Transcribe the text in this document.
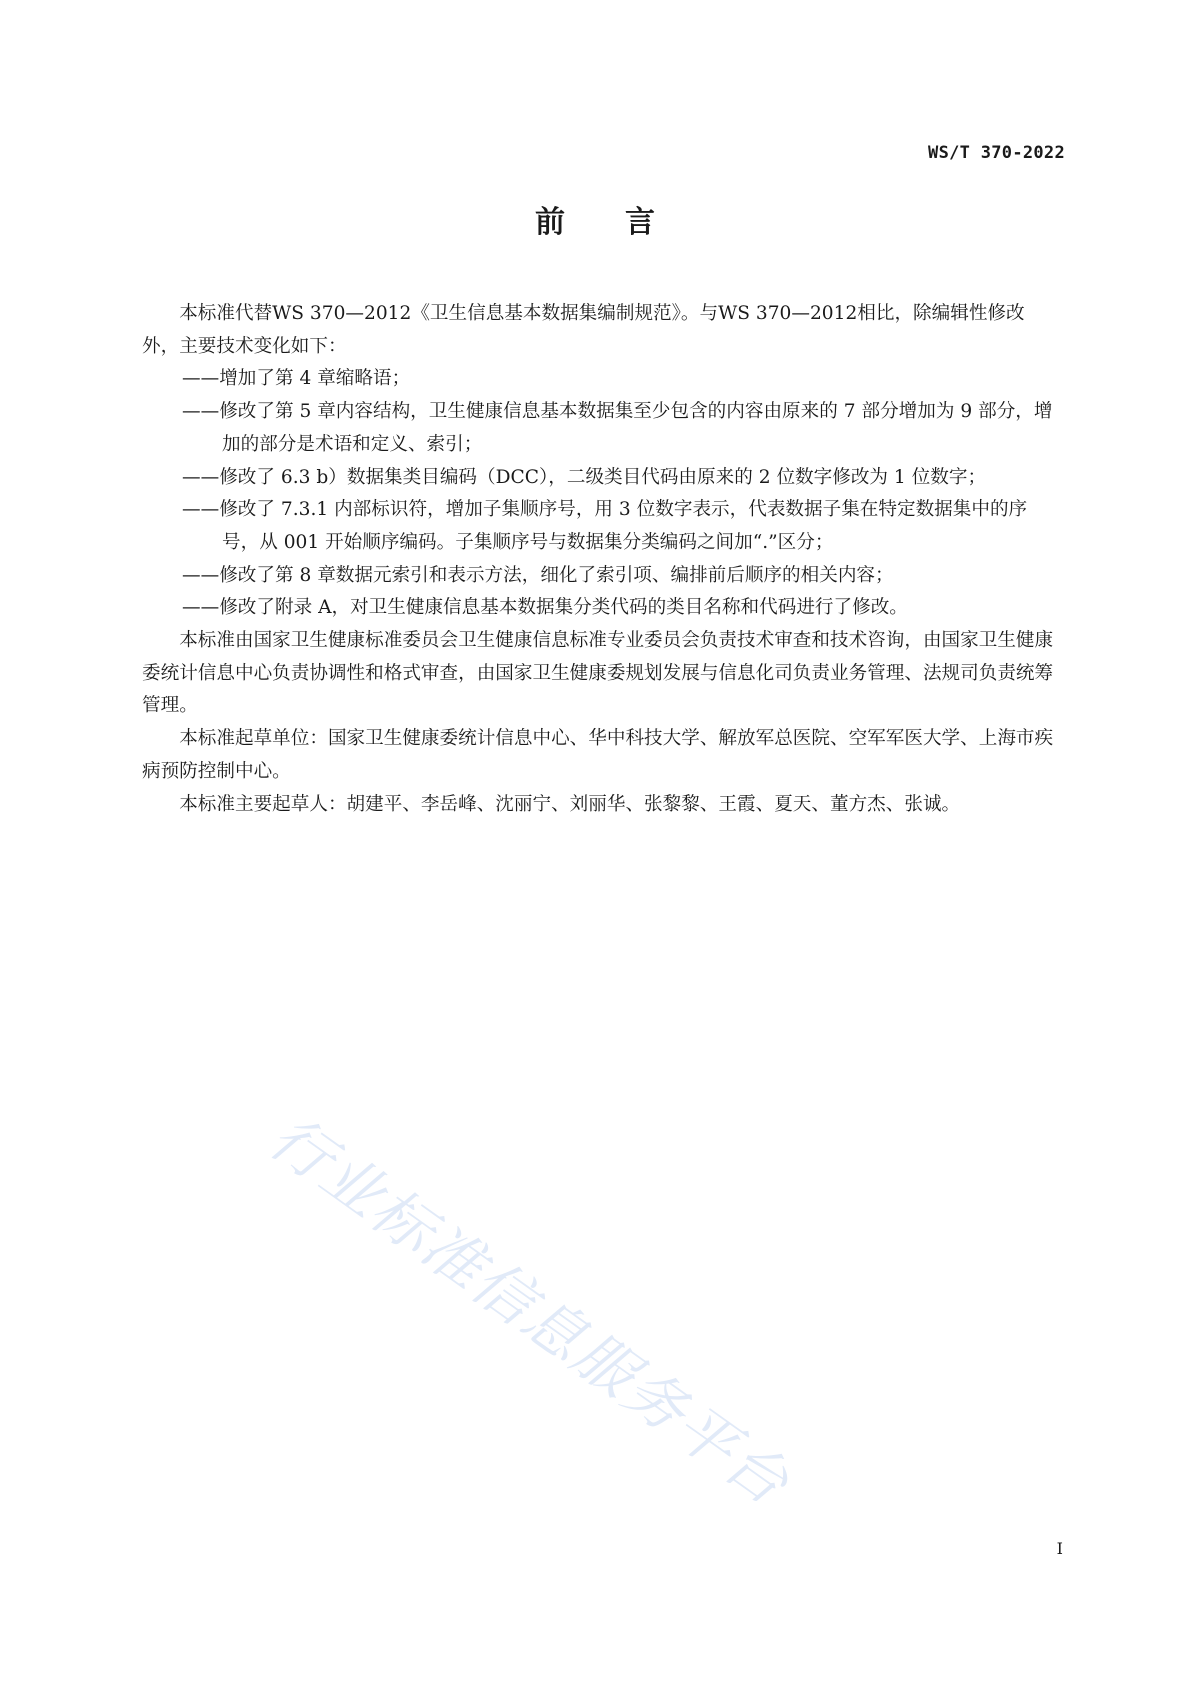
WS/T 370-2022
前言

本标准代替WS 370—2012《卫生信息基本数据集编制规范》。与WS 370—2012相比，除编辑性修改外，主要技术变化如下：

——增加了第 4 章缩略语；

——修改了第 5 章内容结构，卫生健康信息基本数据集至少包含的内容由原来的 7 部分增加为 9 部分，增加的部分是术语和定义、索引；

——修改了 6.3 b）数据集类目编码（DCC），二级类目代码由原来的 2 位数字修改为 1 位数字；

——修改了 7.3.1 内部标识符，增加子集顺序号，用 3 位数字表示，代表数据子集在特定数据集中的序号，从 001 开始顺序编码。子集顺序号与数据集分类编码之间加“.”区分；

——修改了第 8 章数据元索引和表示方法，细化了索引项、编排前后顺序的相关内容；

——修改了附录 A，对卫生健康信息基本数据集分类代码的类目名称和代码进行了修改。

本标准由国家卫生健康标准委员会卫生健康信息标准专业委员会负责技术审查和技术咨询，由国家卫生健康委统计信息中心负责协调性和格式审查，由国家卫生健康委规划发展与信息化司负责业务管理、法规司负责统筹管理。

本标准起草单位：国家卫生健康委统计信息中心、华中科技大学、解放军总医院、空军军医大学、上海市疾病预防控制中心。

本标准主要起草人：胡建平、李岳峰、沈丽宁、刘丽华、张黎黎、王霞、夏天、董方杰、张诚。

行业标准信息服务平台
I
